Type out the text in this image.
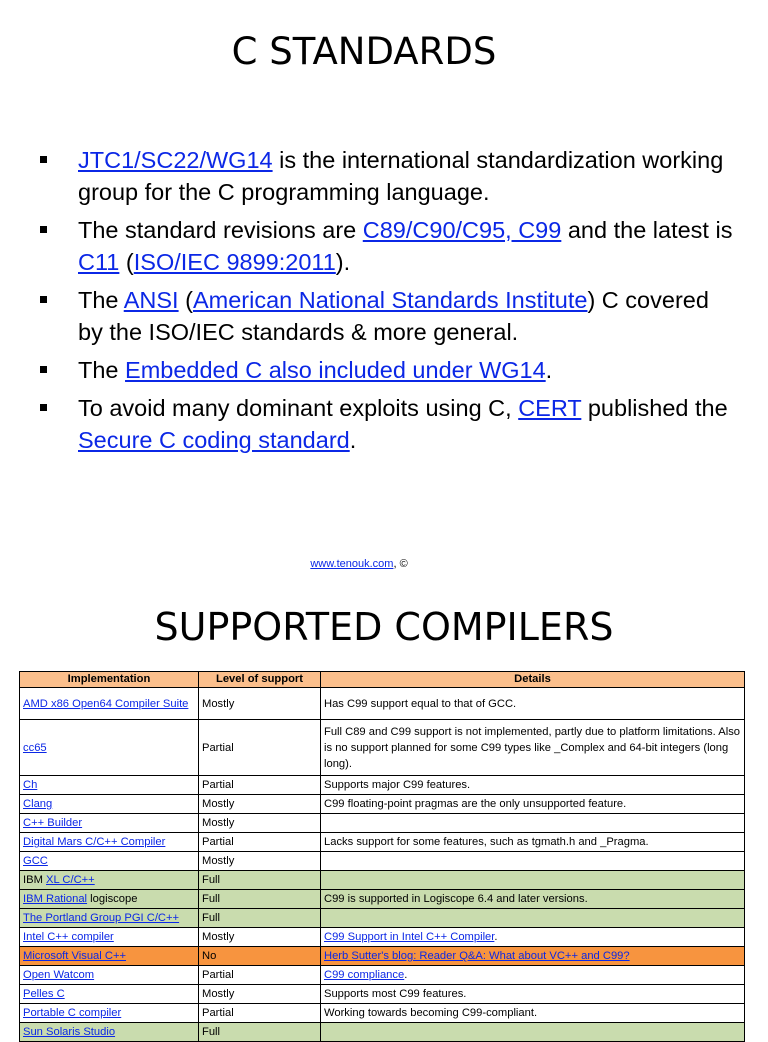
C STANDARDS
JTC1/SC22/WG14 is the international standardization working group for the C programming language.
The standard revisions are C89/C90/C95, C99 and the latest is C11 (ISO/IEC 9899:2011).
The ANSI (American National Standards Institute) C covered by the ISO/IEC standards & more general.
The Embedded C also included under WG14.
To avoid many dominant exploits using C, CERT published the Secure C coding standard.
www.tenouk.com, ©
SUPPORTED COMPILERS
Implementation	Level of support	Details
AMD x86 Open64 Compiler Suite	Mostly	Has C99 support equal to that of GCC.
cc65	Partial	Full C89 and C99 support is not implemented, partly due to platform limitations. Also is no support planned for some C99 types like _Complex and 64-bit integers (long long).
Ch	Partial	Supports major C99 features.
Clang	Mostly	C99 floating-point pragmas are the only unsupported feature.
C++ Builder	Mostly	
Digital Mars C/C++ Compiler	Partial	Lacks support for some features, such as tgmath.h and _Pragma.
GCC	Mostly	
IBM XL C/C++	Full	
IBM Rational logiscope	Full	C99 is supported in Logiscope 6.4 and later versions.
The Portland Group PGI C/C++	Full	
Intel C++ compiler	Mostly	C99 Support in Intel C++ Compiler.
Microsoft Visual C++	No	Herb Sutter's blog: Reader Q&A: What about VC++ and C99?
Open Watcom	Partial	C99 compliance.
Pelles C	Mostly	Supports most C99 features.
Portable C compiler	Partial	Working towards becoming C99-compliant.
Sun Solaris Studio	Full	
